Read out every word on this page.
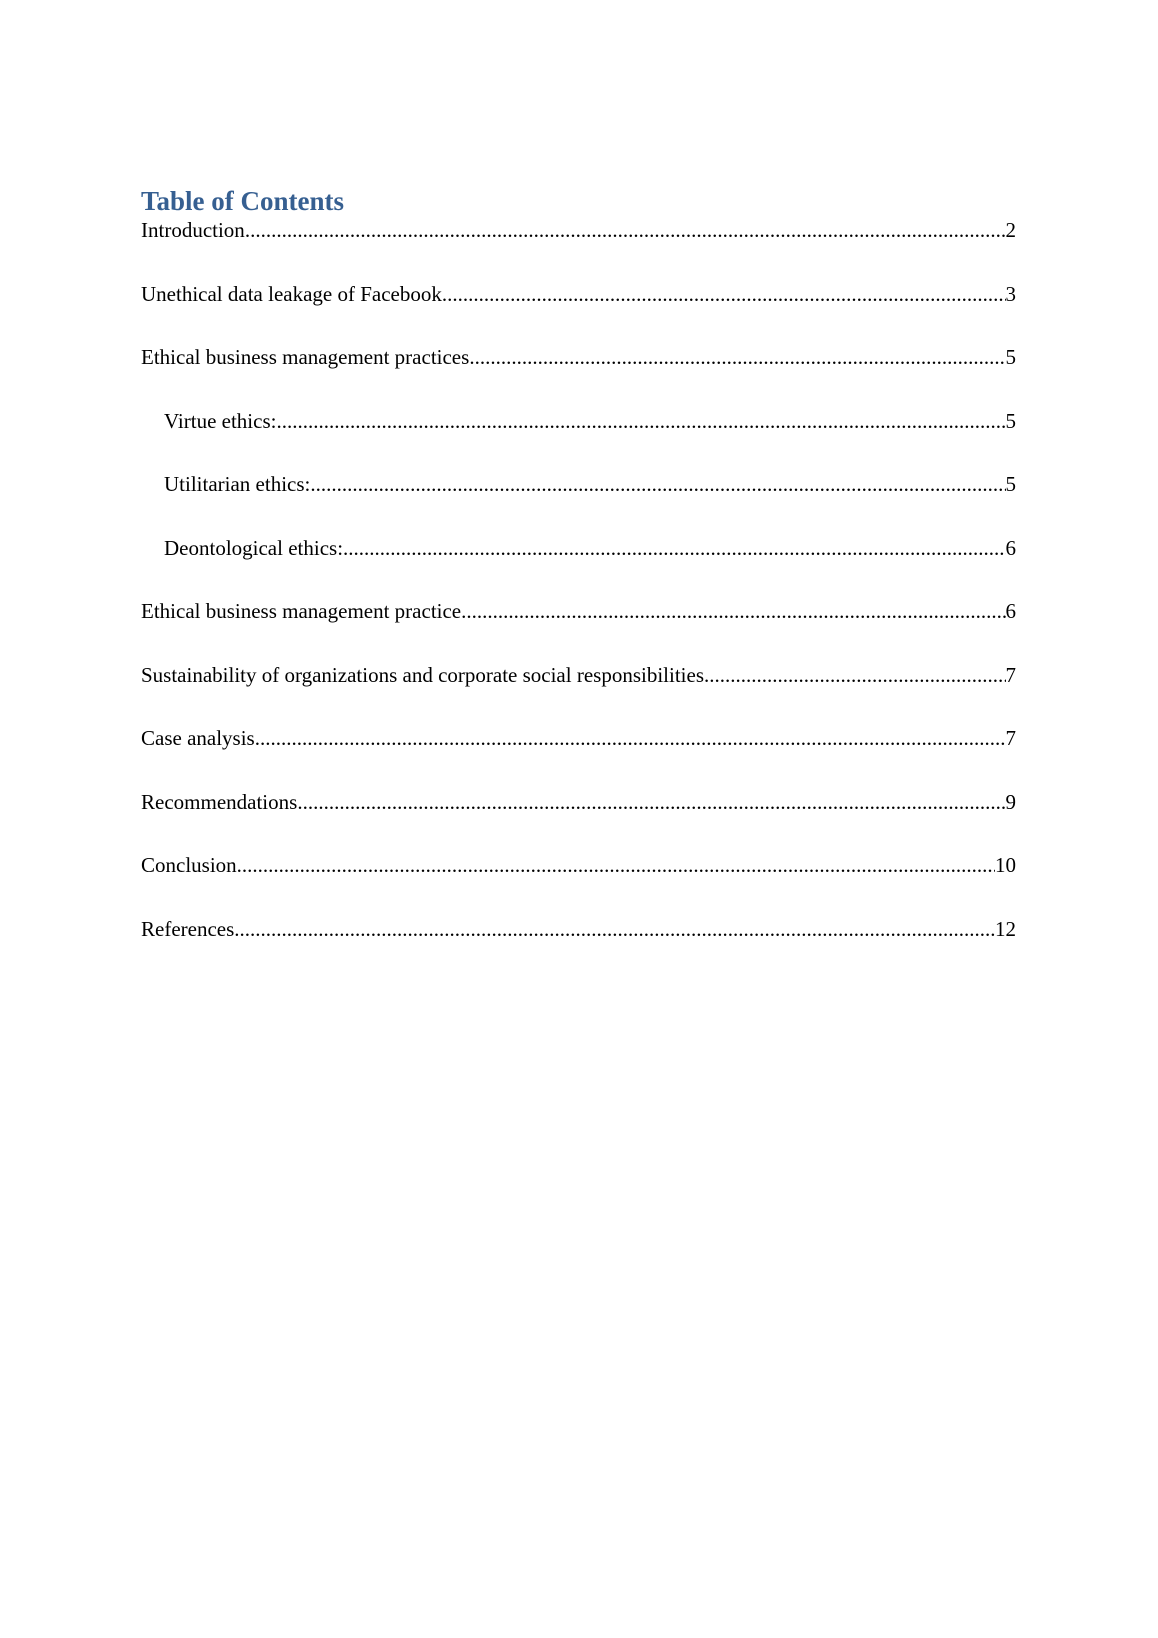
Table of Contents
Introduction .....	2
Unethical data leakage of Facebook .....	3
Ethical business management practices .....	5
Virtue ethics: .....	5
Utilitarian ethics: .....	5
Deontological ethics: .....	6
Ethical business management practice .....	6
Sustainability of organizations and corporate social responsibilities .....	7
Case analysis .....	7
Recommendations .....	9
Conclusion .....	10
References .....	12
